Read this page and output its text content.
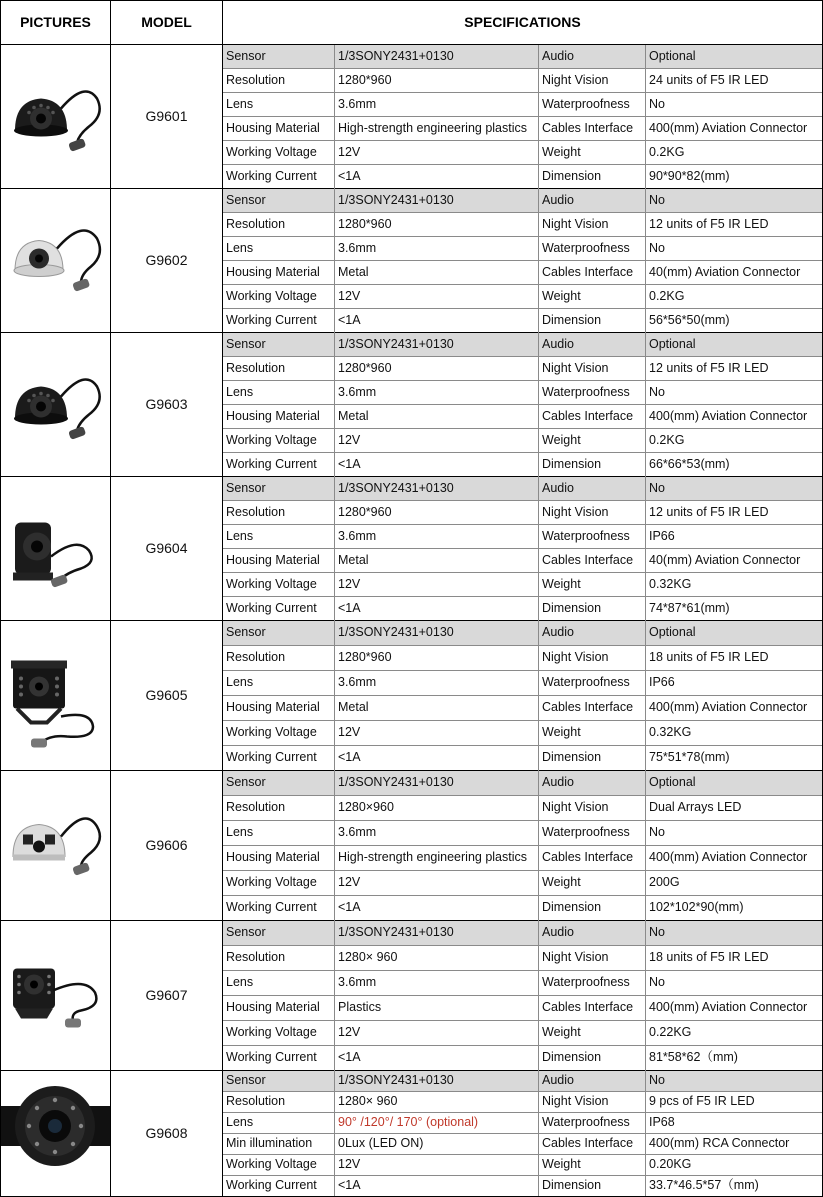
PICTURES	MODEL	SPECIFICATIONS
G9601
Sensor	1/3SONY2431+0130	Audio	Optional
Resolution	1280*960	Night Vision	24 units of F5 IR LED
Lens	3.6mm	Waterproofness	No
Housing Material	High-strength engineering plastics	Cables Interface	400(mm) Aviation Connector
Working Voltage	12V	Weight	0.2KG
Working Current	<1A	Dimension	90*90*82(mm)
G9602
Sensor	1/3SONY2431+0130	Audio	No
Resolution	1280*960	Night Vision	12 units of F5 IR LED
Lens	3.6mm	Waterproofness	No
Housing Material	Metal	Cables Interface	40(mm) Aviation Connector
Working Voltage	12V	Weight	0.2KG
Working Current	<1A	Dimension	56*56*50(mm)
G9603
Sensor	1/3SONY2431+0130	Audio	Optional
Resolution	1280*960	Night Vision	12 units of F5 IR LED
Lens	3.6mm	Waterproofness	No
Housing Material	Metal	Cables Interface	400(mm) Aviation Connector
Working Voltage	12V	Weight	0.2KG
Working Current	<1A	Dimension	66*66*53(mm)
G9604
Sensor	1/3SONY2431+0130	Audio	No
Resolution	1280*960	Night Vision	12 units of F5 IR LED
Lens	3.6mm	Waterproofness	IP66
Housing Material	Metal	Cables Interface	40(mm) Aviation Connector
Working Voltage	12V	Weight	0.32KG
Working Current	<1A	Dimension	74*87*61(mm)
G9605
Sensor	1/3SONY2431+0130	Audio	Optional
Resolution	1280*960	Night Vision	18 units of F5 IR LED
Lens	3.6mm	Waterproofness	IP66
Housing Material	Metal	Cables Interface	400(mm) Aviation Connector
Working Voltage	12V	Weight	0.32KG
Working Current	<1A	Dimension	75*51*78(mm)
G9606
Sensor	1/3SONY2431+0130	Audio	Optional
Resolution	1280×960	Night Vision	Dual Arrays LED
Lens	3.6mm	Waterproofness	No
Housing Material	High-strength engineering plastics	Cables Interface	400(mm) Aviation Connector
Working Voltage	12V	Weight	200G
Working Current	<1A	Dimension	102*102*90(mm)
G9607
Sensor	1/3SONY2431+0130	Audio	No
Resolution	1280× 960	Night Vision	18 units of F5 IR LED
Lens	3.6mm	Waterproofness	No
Housing Material	Plastics	Cables Interface	400(mm) Aviation Connector
Working Voltage	12V	Weight	0.22KG
Working Current	<1A	Dimension	81*58*62（mm)
G9608
Sensor	1/3SONY2431+0130	Audio	No
Resolution	1280× 960	Night Vision	9 pcs of F5 IR LED
Lens	90° /120°/ 170° (optional)	Waterproofness	IP68
Min illumination	0Lux (LED ON)	Cables Interface	400(mm) RCA Connector
Working Voltage	12V	Weight	0.20KG
Working Current	<1A	Dimension	33.7*46.5*57（mm)
